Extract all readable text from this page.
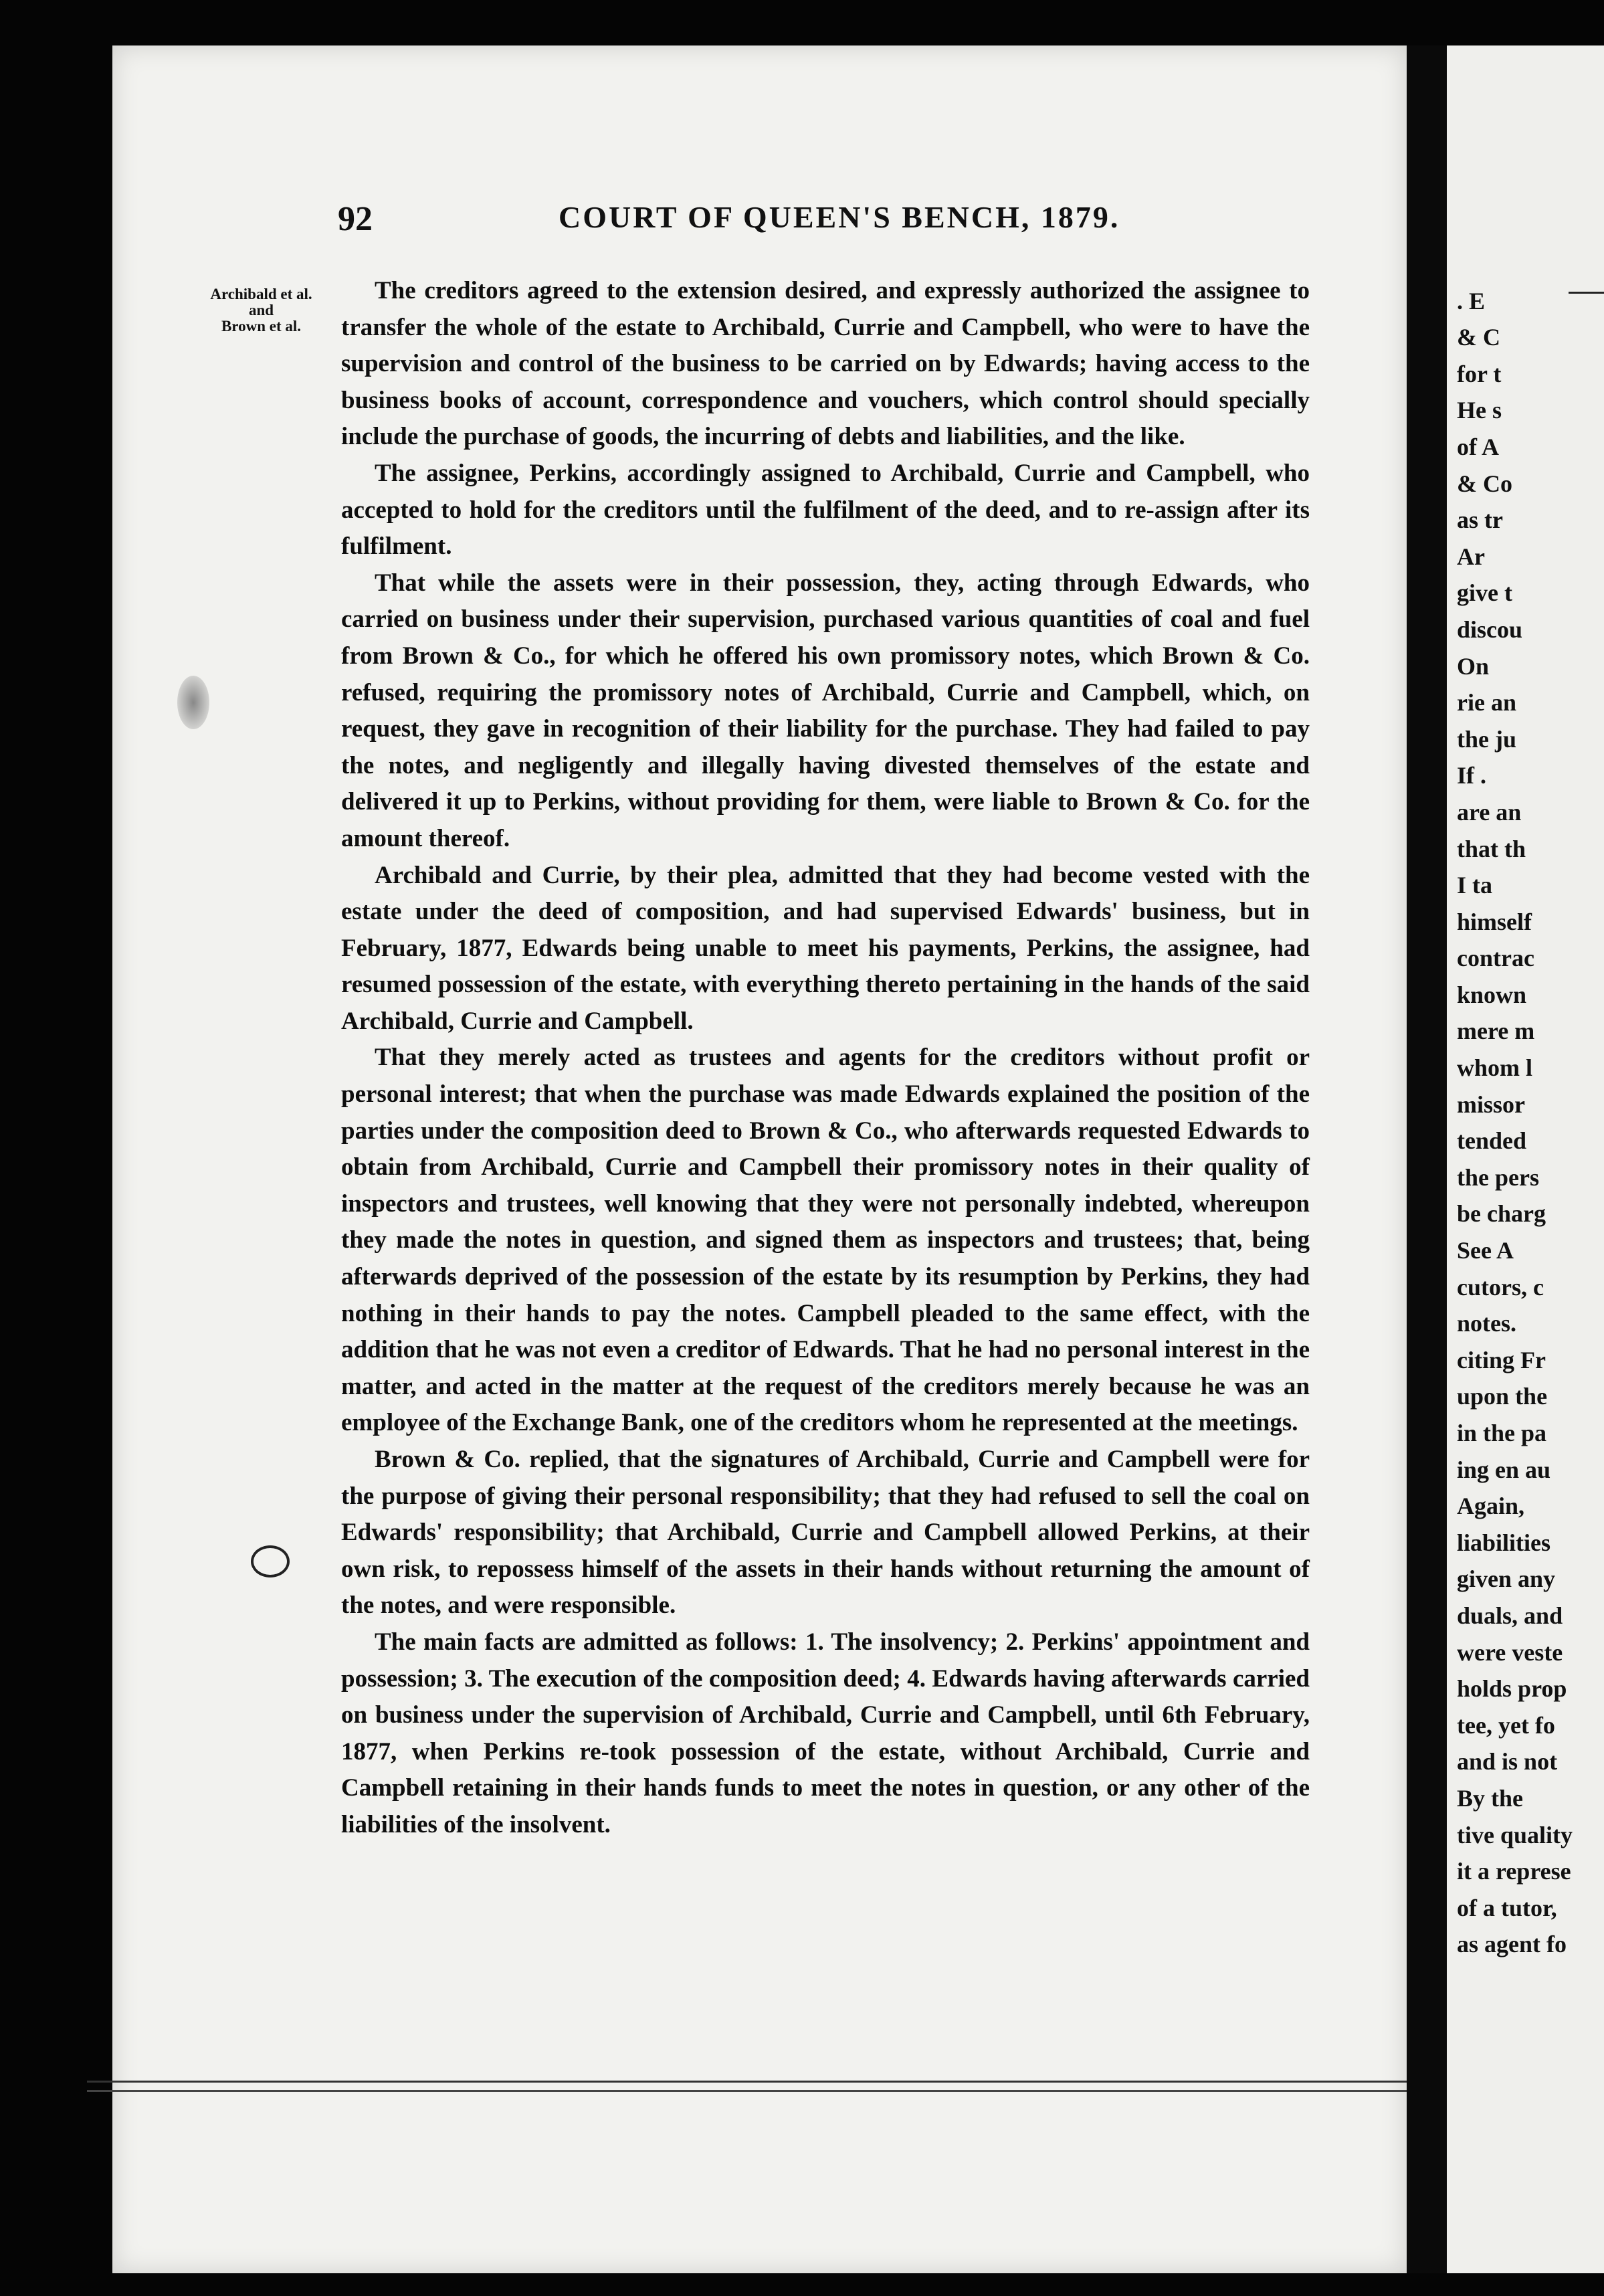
92	COURT OF QUEEN'S BENCH, 1879.
Archibald et al.
and
Brown et al.

The creditors agreed to the extension desired, and expressly authorized the assignee to transfer the whole of the estate to Archibald, Currie and Campbell, who were to have the supervision and control of the business to be carried on by Edwards; having access to the business books of account, correspondence and vouchers, which control should specially include the purchase of goods, the incurring of debts and liabilities, and the like.

The assignee, Perkins, accordingly assigned to Archibald, Currie and Campbell, who accepted to hold for the creditors until the fulfilment of the deed, and to re-assign after its fulfilment.

That while the assets were in their possession, they, acting through Edwards, who carried on business under their supervision, purchased various quantities of coal and fuel from Brown & Co., for which he offered his own promissory notes, which Brown & Co. refused, requiring the promissory notes of Archibald, Currie and Campbell, which, on request, they gave in recognition of their liability for the purchase. They had failed to pay the notes, and negligently and illegally having divested themselves of the estate and delivered it up to Perkins, without providing for them, were liable to Brown & Co. for the amount thereof.

Archibald and Currie, by their plea, admitted that they had become vested with the estate under the deed of composition, and had supervised Edwards' business, but in February, 1877, Edwards being unable to meet his payments, Perkins, the assignee, had resumed possession of the estate, with everything thereto pertaining in the hands of the said Archibald, Currie and Campbell.

That they merely acted as trustees and agents for the creditors without profit or personal interest; that when the purchase was made Edwards explained the position of the parties under the composition deed to Brown & Co., who afterwards requested Edwards to obtain from Archibald, Currie and Campbell their promissory notes in their quality of inspectors and trustees, well knowing that they were not personally indebted, whereupon they made the notes in question, and signed them as inspectors and trustees; that, being afterwards deprived of the possession of the estate by its resumption by Perkins, they had nothing in their hands to pay the notes. Campbell pleaded to the same effect, with the addition that he was not even a creditor of Edwards. That he had no personal interest in the matter, and acted in the matter at the request of the creditors merely because he was an employee of the Exchange Bank, one of the creditors whom he represented at the meetings.

Brown & Co. replied, that the signatures of Archibald, Currie and Campbell were for the purpose of giving their personal responsibility; that they had refused to sell the coal on Edwards' responsibility; that Archibald, Currie and Campbell allowed Perkins, at their own risk, to repossess himself of the assets in their hands without returning the amount of the notes, and were responsible.

The main facts are admitted as follows: 1. The insolvency; 2. Perkins' appointment and possession; 3. The execution of the composition deed; 4. Edwards having afterwards carried on business under the supervision of Archibald, Currie and Campbell, until 6th February, 1877, when Perkins re-took possession of the estate, without Archibald, Currie and Campbell retaining in their hands funds to meet the notes in question, or any other of the liabilities of the insolvent.

. E
& C
for t
He s
of A
& Co
as tr
Ar
give t
discou
On
rie an
the ju
If .
are an
that th
I ta
himself
contrac
known
mere m
whom l
missor
tended
the pers
be charg
See A
cutors, c
notes.
citing Fr
upon the
in the pa
ing en au
Again,
liabilities
given any
duals, and
were veste
holds prop
tee, yet fo
and is not
By the
tive quality
it a represe
of a tutor,
as agent fo
